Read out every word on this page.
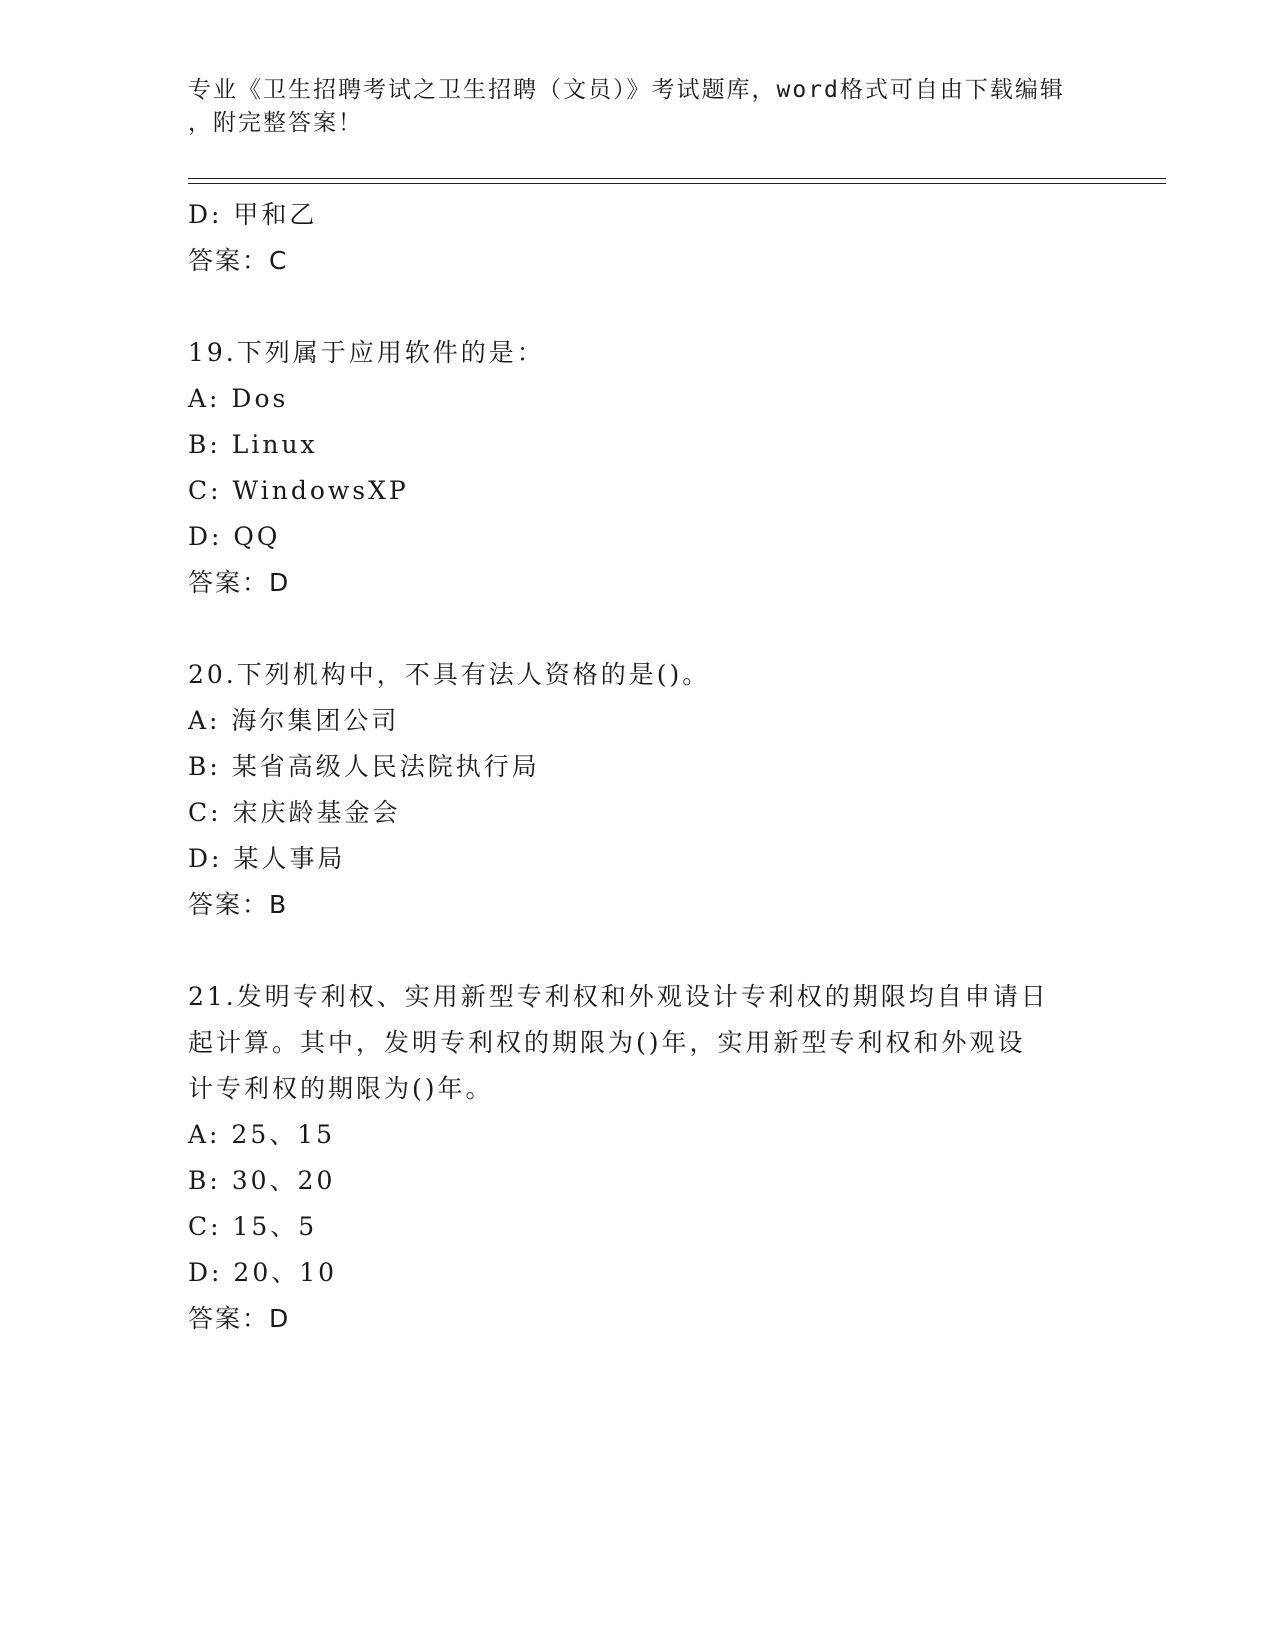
专业《卫生招聘考试之卫生招聘（文员）》考试题库，word格式可自由下载编辑
，附完整答案！
D: 甲和乙
答案：C
19.下列属于应用软件的是：
A: Dos
B: Linux
C: WindowsXP
D: QQ
答案：D
20.下列机构中，不具有法人资格的是()。
A: 海尔集团公司
B: 某省高级人民法院执行局
C: 宋庆龄基金会
D: 某人事局
答案：B
21.发明专利权、实用新型专利权和外观设计专利权的期限均自申请日
起计算。其中，发明专利权的期限为()年，实用新型专利权和外观设
计专利权的期限为()年。
A: 25、15
B: 30、20
C: 15、5
D: 20、10
答案：D
